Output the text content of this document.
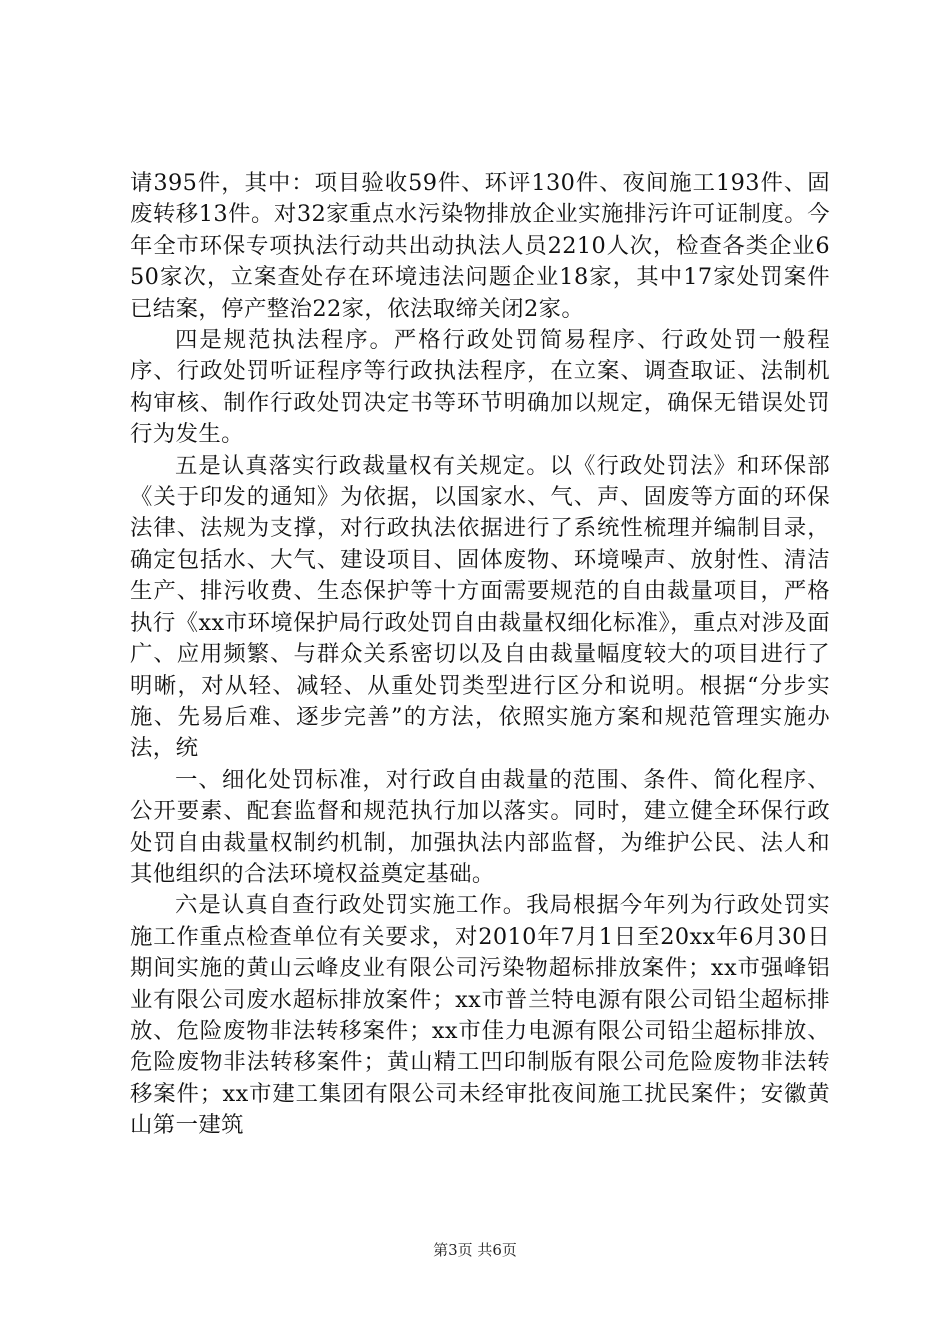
请395件，其中：项目验收59件、环评130件、夜间施工193件、固废转移13件。对32家重点水污染物排放企业实施排污许可证制度。今年全市环保专项执法行动共出动执法人员2210人次，检查各类企业650家次，立案查处存在环境违法问题企业18家，其中17家处罚案件已结案，停产整治22家，依法取缔关闭2家。

四是规范执法程序。严格行政处罚简易程序、行政处罚一般程序、行政处罚听证程序等行政执法程序，在立案、调查取证、法制机构审核、制作行政处罚决定书等环节明确加以规定，确保无错误处罚行为发生。

五是认真落实行政裁量权有关规定。以《行政处罚法》和环保部《关于印发的通知》为依据，以国家水、气、声、固废等方面的环保法律、法规为支撑，对行政执法依据进行了系统性梳理并编制目录，确定包括水、大气、建设项目、固体废物、环境噪声、放射性、清洁生产、排污收费、生态保护等十方面需要规范的自由裁量项目，严格执行《xx市环境保护局行政处罚自由裁量权细化标准》，重点对涉及面广、应用频繁、与群众关系密切以及自由裁量幅度较大的项目进行了明晰，对从轻、减轻、从重处罚类型进行区分和说明。根据“分步实施、先易后难、逐步完善”的方法，依照实施方案和规范管理实施办法，统

一、细化处罚标准，对行政自由裁量的范围、条件、简化程序、公开要素、配套监督和规范执行加以落实。同时，建立健全环保行政处罚自由裁量权制约机制，加强执法内部监督，为维护公民、法人和其他组织的合法环境权益奠定基础。

六是认真自查行政处罚实施工作。我局根据今年列为行政处罚实施工作重点检查单位有关要求，对2010年7月1日至20xx年6月30日期间实施的黄山云峰皮业有限公司污染物超标排放案件；xx市强峰铝业有限公司废水超标排放案件；xx市普兰特电源有限公司铅尘超标排放、危险废物非法转移案件；xx市佳力电源有限公司铅尘超标排放、危险废物非法转移案件；黄山精工凹印制版有限公司危险废物非法转移案件；xx市建工集团有限公司未经审批夜间施工扰民案件；安徽黄山第一建筑

第3页 共6页
